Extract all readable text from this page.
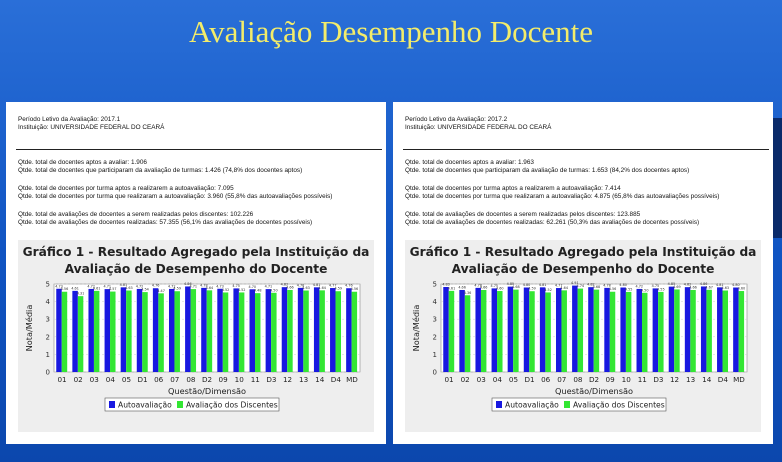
Avaliação Desempenho Docente
Período Letivo da Avaliação: 2017.1
Instituição: UNIVERSIDADE FEDERAL DO CEARÁ
Qtde. total de docentes aptos a avaliar: 1.906
Qtde. total de docentes que participaram da avaliação de turmas: 1.426 (74,8% dos docentes aptos)
Qtde. total de docentes por turma aptos a realizarem a autoavaliação: 7.095
Qtde. total de docentes por turma que realizaram a autoavaliação: 3.960 (55,8% das autoavaliações possíveis)
Qtde. total de avaliações de docentes a serem realizadas pelos discentes: 102.226
Qtde. total de avaliações de docentes realizadas: 57.355 (56,1% das avaliações de docentes possíveis)
Gráfico 1 - Resultado Agregado pela Instituição da Avaliação de Desempenho do Docente
0
1
2
3
4
5 4.73
4.56
01
4.61
4.31
02
4.72
4.61
03
4.71
4.57
04
4.81
4.63
05
4.72
4.54
D1
4.76
4.47
06
4.72
4.59
07
4.86
4.71
08
4.78
4.64
D2
4.73
4.52
09
4.75
4.52
10
4.70
4.48
11
4.71
4.50
D3
4.82
4.66
12
4.78
4.63
13
4.81
4.64
14
4.77
4.59
D4
4.76
4.56
MD
Questão/Dimensão
Nota/Média
Autoavaliação Avaliação dos Discentes
Período Letivo da Avaliação: 2017.2
Instituição: UNIVERSIDADE FEDERAL DO CEARÁ
Qtde. total de docentes aptos a avaliar: 1.963
Qtde. total de docentes que participaram da avaliação de turmas: 1.653 (84,2% dos docentes aptos)
Qtde. total de docentes por turma aptos a realizarem a autoavaliação: 7.414
Qtde. total de docentes por turma que realizaram a autoavaliação: 4.875 (65,8% das autoavaliações possíveis)
Qtde. total de avaliações de docentes a serem realizadas pelos discentes: 123.885
Qtde. total de avaliações de docentes realizadas: 62.261 (50,3% das avaliações de docentes possíveis)
Gráfico 1 - Resultado Agregado pela Instituição da Avaliação de Desempenho do Docente
0
1
2
3
4
5 4.83
4.61
01
4.66
4.36
02
4.78
4.66
03
4.75
4.60
04
4.85
4.68
05
4.80
4.59
D1
4.81
4.52
06
4.77
4.64
07
4.91
4.74
08
4.82
4.68
D2
4.78
4.56
09
4.80
4.55
10
4.72
4.50
11
4.75
4.55
D3
4.85
4.69
12
4.82
4.66
13
4.86
4.67
14
4.81
4.63
D4
4.80
4.60
MD
Questão/Dimensão
Nota/Média
Autoavaliação Avaliação dos Discentes
